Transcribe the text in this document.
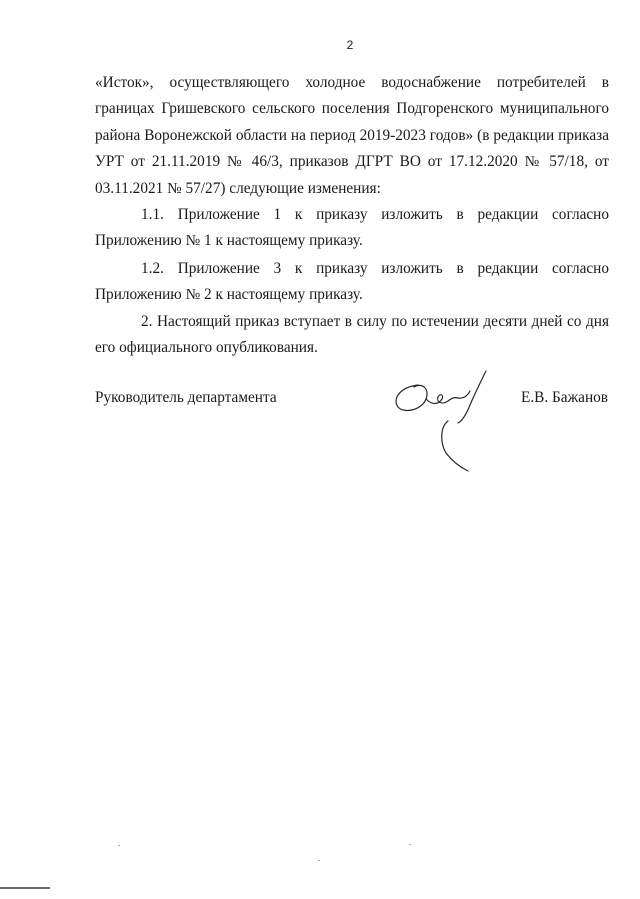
2

«Исток», осуществляющего холодное водоснабжение потребителей в границах Гришевского сельского поселения Подгоренского муниципального района Воронежской области на период 2019-2023 годов» (в редакции приказа УРТ от 21.11.2019 № 46/3, приказов ДГРТ ВО от 17.12.2020 № 57/18, от 03.11.2021 № 57/27) следующие изменения:

1.1. Приложение 1 к приказу изложить в редакции согласно Приложению № 1 к настоящему приказу.

1.2. Приложение 3 к приказу изложить в редакции согласно Приложению № 2 к настоящему приказу.

2. Настоящий приказ вступает в силу по истечении десяти дней со дня его официального опубликования.

Руководитель департамента	Е.В. Бажанов
